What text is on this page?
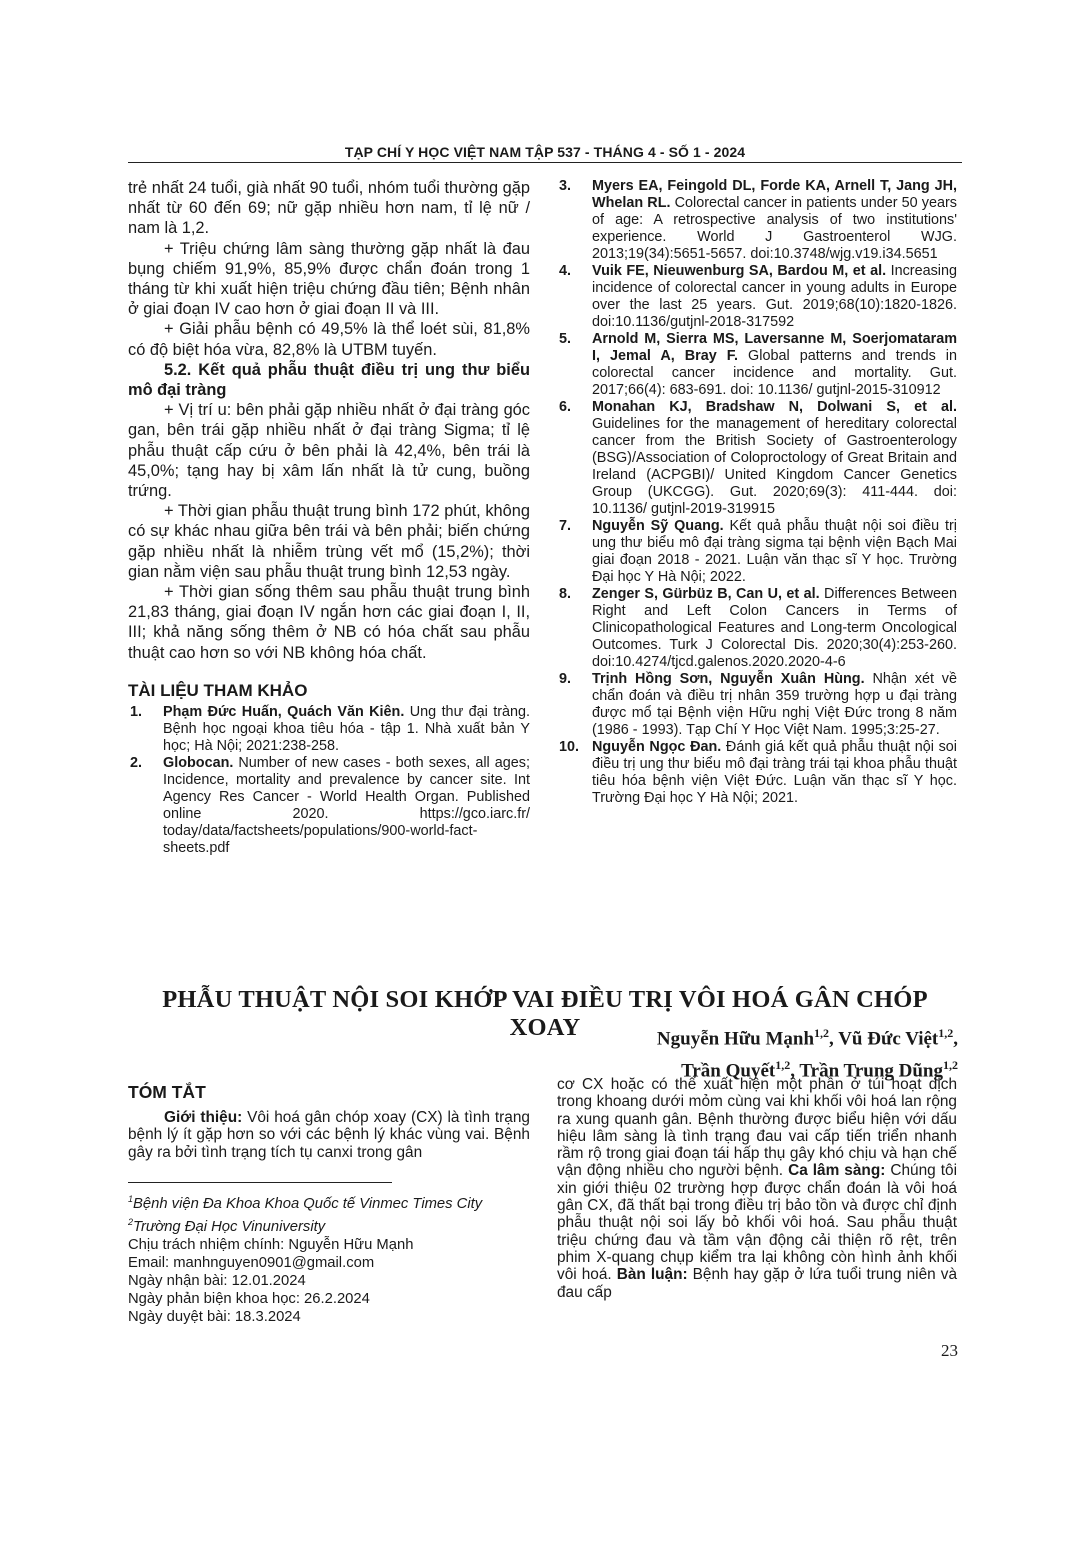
TẠP CHÍ Y HỌC VIỆT NAM TẬP 537 - THÁNG 4 - SỐ 1 - 2024

trẻ nhất 24 tuổi, già nhất 90 tuổi, nhóm tuổi thường gặp nhất từ 60 đến 69; nữ gặp nhiều hơn nam, tỉ lệ nữ / nam là 1,2.

+ Triệu chứng lâm sàng thường gặp nhất là đau bụng chiếm 91,9%, 85,9% được chẩn đoán trong 1 tháng từ khi xuất hiện triệu chứng đầu tiên; Bệnh nhân ở giai đoạn IV cao hơn ở giai đoạn II và III.

+ Giải phẫu bệnh có 49,5% là thể loét sùi, 81,8% có độ biệt hóa vừa, 82,8% là UTBM tuyến.

5.2. Kết quả phẫu thuật điều trị ung thư biểu mô đại tràng

+ Vị trí u: bên phải gặp nhiều nhất ở đại tràng góc gan, bên trái gặp nhiều nhất ở đại tràng Sigma; tỉ lệ phẫu thuật cấp cứu ở bên phải là 42,4%, bên trái là 45,0%; tạng hay bị xâm lấn nhất là tử cung, buồng trứng.

+ Thời gian phẫu thuật trung bình 172 phút, không có sự khác nhau giữa bên trái và bên phải; biến chứng gặp nhiều nhất là nhiễm trùng vết mổ (15,2%); thời gian nằm viện sau phẫu thuật trung bình 12,53 ngày.

+ Thời gian sống thêm sau phẫu thuật trung bình 21,83 tháng, giai đoạn IV ngắn hơn các giai đoạn I, II, III; khả năng sống thêm ở NB có hóa chất sau phẫu thuật cao hơn so với NB không hóa chất.

TÀI LIỆU THAM KHẢO
1. Phạm Đức Huấn, Quách Văn Kiên. Ung thư đại tràng. Bệnh học ngoại khoa tiêu hóa - tập 1. Nhà xuất bản Y học; Hà Nội; 2021:238-258.
2. Globocan. Number of new cases - both sexes, all ages; Incidence, mortality and prevalence by cancer site. Int Agency Res Cancer - World Health Organ. Published online 2020. https://gco.iarc.fr/ today/data/factsheets/populations/900-world-fact-sheets.pdf
3. Myers EA, Feingold DL, Forde KA, Arnell T, Jang JH, Whelan RL. Colorectal cancer in patients under 50 years of age: A retrospective analysis of two institutions' experience. World J Gastroenterol WJG. 2013;19(34):5651-5657. doi:10.3748/wjg.v19.i34.5651
4. Vuik FE, Nieuwenburg SA, Bardou M, et al. Increasing incidence of colorectal cancer in young adults in Europe over the last 25 years. Gut. 2019;68(10):1820-1826. doi:10.1136/gutjnl-2018-317592
5. Arnold M, Sierra MS, Laversanne M, Soerjomataram I, Jemal A, Bray F. Global patterns and trends in colorectal cancer incidence and mortality. Gut. 2017;66(4): 683-691. doi: 10.1136/ gutjnl-2015-310912
6. Monahan KJ, Bradshaw N, Dolwani S, et al. Guidelines for the management of hereditary colorectal cancer from the British Society of Gastroenterology (BSG)/Association of Coloproctology of Great Britain and Ireland (ACPGBI)/ United Kingdom Cancer Genetics Group (UKCGG). Gut. 2020;69(3): 411-444. doi: 10.1136/ gutjnl-2019-319915
7. Nguyễn Sỹ Quang. Kết quả phẫu thuật nội soi điều trị ung thư biểu mô đại tràng sigma tại bệnh viện Bạch Mai giai đoạn 2018 - 2021. Luận văn thạc sĩ Y học. Trường Đại học Y Hà Nội; 2022.
8. Zenger S, Gürbüz B, Can U, et al. Differences Between Right and Left Colon Cancers in Terms of Clinicopathological Features and Long-term Oncological Outcomes. Turk J Colorectal Dis. 2020;30(4):253-260. doi:10.4274/tjcd.galenos.2020.2020-4-6
9. Trịnh Hồng Sơn, Nguyễn Xuân Hùng. Nhận xét về chẩn đoán và điều trị nhân 359 trường hợp u đại tràng được mổ tại Bệnh viện Hữu nghị Việt Đức trong 8 năm (1986 - 1993). Tạp Chí Y Học Việt Nam. 1995;3:25-27.
10. Nguyễn Ngọc Đan. Đánh giá kết quả phẫu thuật nội soi điều trị ung thư biểu mô đại tràng trái tại khoa phẫu thuật tiêu hóa bệnh viện Việt Đức. Luận văn thạc sĩ Y học. Trường Đại học Y Hà Nội; 2021.
PHẪU THUẬT NỘI SOI KHỚP VAI ĐIỀU TRỊ VÔI HOÁ GÂN CHÓP XOAY	Nguyễn Hữu Mạnh$^{1,2}$, Vũ Đức Việt$^{1,2}$,
Trần Quyết$^{1,2}$, Trần Trung Dũng$^{1,2}$
TÓM TẮT

Giới thiệu: Vôi hoá gân chóp xoay (CX) là tình trạng bệnh lý ít gặp hơn so với các bệnh lý khác vùng vai. Bệnh gây ra bởi tình trạng tích tụ canxi trong gân

cơ CX hoặc có thể xuất hiện một phần ở túi hoạt dịch trong khoang dưới mỏm cùng vai khi khối vôi hoá lan rộng ra xung quanh gân. Bệnh thường được biểu hiện với dấu hiệu lâm sàng là tình trạng đau vai cấp tiến triển nhanh rầm rộ trong giai đoạn tái hấp thụ gây khó chịu và hạn chế vận động nhiều cho người bệnh. Ca lâm sàng: Chúng tôi xin giới thiệu 02 trường hợp được chẩn đoán là vôi hoá gân CX, đã thất bại trong điều trị bảo tồn và được chỉ định phẫu thuật nội soi lấy bỏ khối vôi hoá. Sau phẫu thuật triệu chứng đau và tầm vận động cải thiện rõ rệt, trên phim X-quang chụp kiểm tra lại không còn hình ảnh khối vôi hoá. Bàn luận: Bệnh hay gặp ở lứa tuổi trung niên và đau cấp
$^1$Bệnh viện Đa Khoa Khoa Quốc tế Vinmec Times City
$^2$Trường Đại Học Vinuniversity
Chịu trách nhiệm chính: Nguyễn Hữu Mạnh
Email: manhnguyen0901@gmail.com
Ngày nhận bài: 12.01.2024
Ngày phản biện khoa học: 26.2.2024
Ngày duyệt bài: 18.3.2024
23
